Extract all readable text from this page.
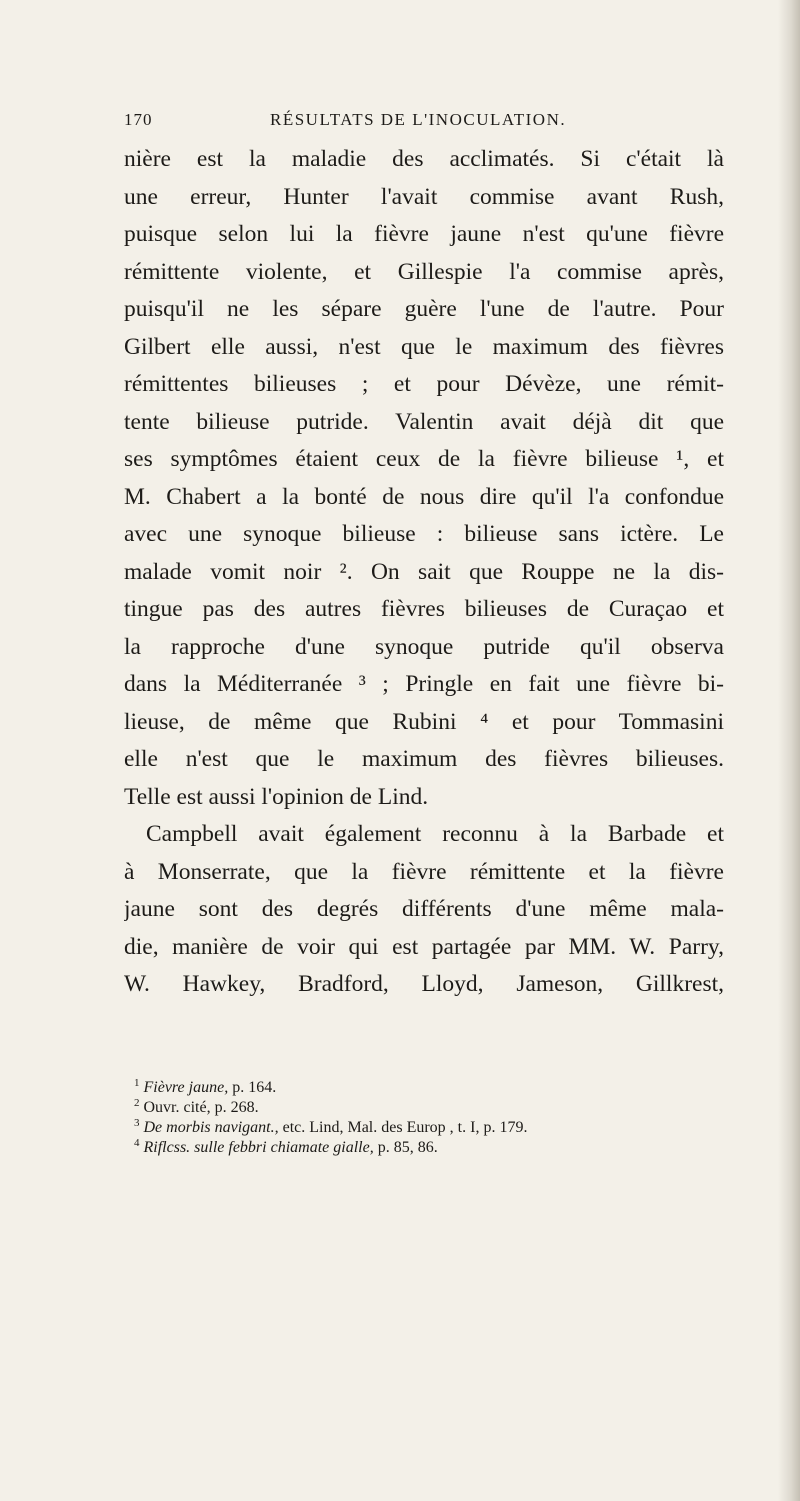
170	RÉSULTATS DE L'INOCULATION.
nière est la maladie des acclimatés. Si c'était là
une erreur, Hunter l'avait commise avant Rush,
puisque selon lui la fièvre jaune n'est qu'une fièvre
rémittente violente, et Gillespie l'a commise après,
puisqu'il ne les sépare guère l'une de l'autre. Pour
Gilbert elle aussi, n'est que le maximum des fièvres
rémittentes bilieuses ; et pour Dévèze, une rémit-
tente bilieuse putride. Valentin avait déjà dit que
ses symptômes étaient ceux de la fièvre bilieuse ¹, et
M. Chabert a la bonté de nous dire qu'il l'a confondue
avec une synoque bilieuse : bilieuse sans ictère. Le
malade vomit noir ². On sait que Rouppe ne la dis-
tingue pas des autres fièvres bilieuses de Curaçao et
la rapproche d'une synoque putride qu'il observa
dans la Méditerranée ³ ; Pringle en fait une fièvre bi-
lieuse, de même que Rubini ⁴ et pour Tommasini
elle n'est que le maximum des fièvres bilieuses.
Telle est aussi l'opinion de Lind.
Campbell avait également reconnu à la Barbade et
à Monserrate, que la fièvre rémittente et la fièvre
jaune sont des degrés différents d'une même mala-
die, manière de voir qui est partagée par MM. W. Parry,
W. Hawkey, Bradford, Lloyd, Jameson, Gillkrest,
$^1$ Fièvre jaune, p. 164.
$^2$ Ouvr. cité, p. 268.
$^3$ De morbis navigant., etc. Lind, Mal. des Europ , t. I, p. 179.
$^4$ Riflcss. sulle febbri chiamate gialle, p. 85, 86.
